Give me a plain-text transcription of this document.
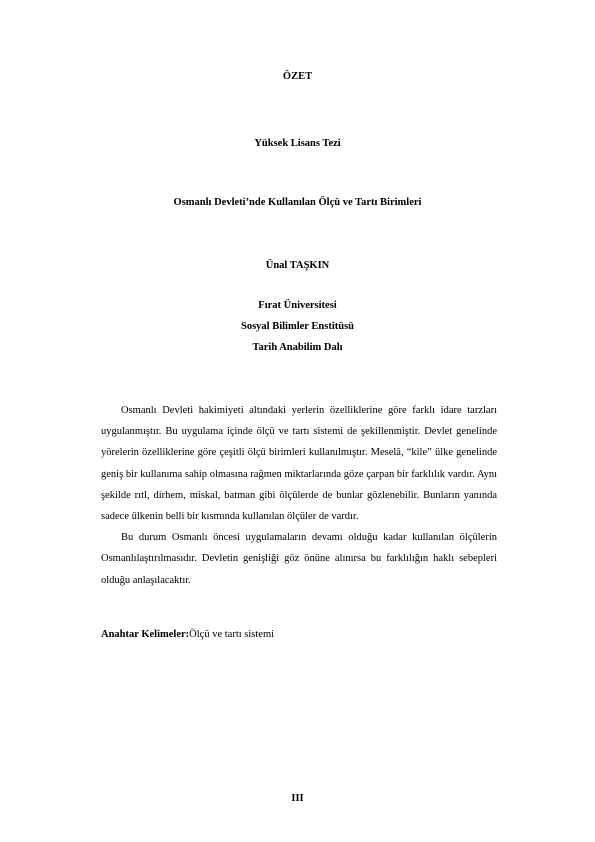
ÖZET
Yüksek Lisans Tezi
Osmanlı Devleti’nde Kullanılan Ölçü ve Tartı Birimleri
Ünal TAŞKIN
Fırat Üniversitesi
Sosyal Bilimler Enstitüsü
Tarih Anabilim Dalı

Osmanlı Devleti hakimiyeti altındaki yerlerin özelliklerine göre farklı idare tarzları uygulanmıştır. Bu uygulama içinde ölçü ve tartı sistemi de şekillenmiştir. Devlet genelinde yörelerin özelliklerine göre çeşitli ölçü birimleri kullanılmıştır. Meselâ, “kile” ülke genelinde geniş bir kullanıma sahip olmasına rağmen miktarlarında göze çarpan bir farklılık vardır. Aynı şekilde rıtl, dirhem, miskal, batman gibi ölçülerde de bunlar gözlenebilir. Bunların yanında sadece ülkenin belli bir kısmında kullanılan ölçüler de vardır.

Bu durum Osmanlı öncesi uygulamaların devamı olduğu kadar kullanılan ölçülerin Osmanlılaştırılmasıdır. Devletin genişliği göz önüne alınırsa bu farklılığın haklı sebepleri olduğu anlaşılacaktır.

Anahtar Kelimeler:Ölçü ve tartı sistemi
III
